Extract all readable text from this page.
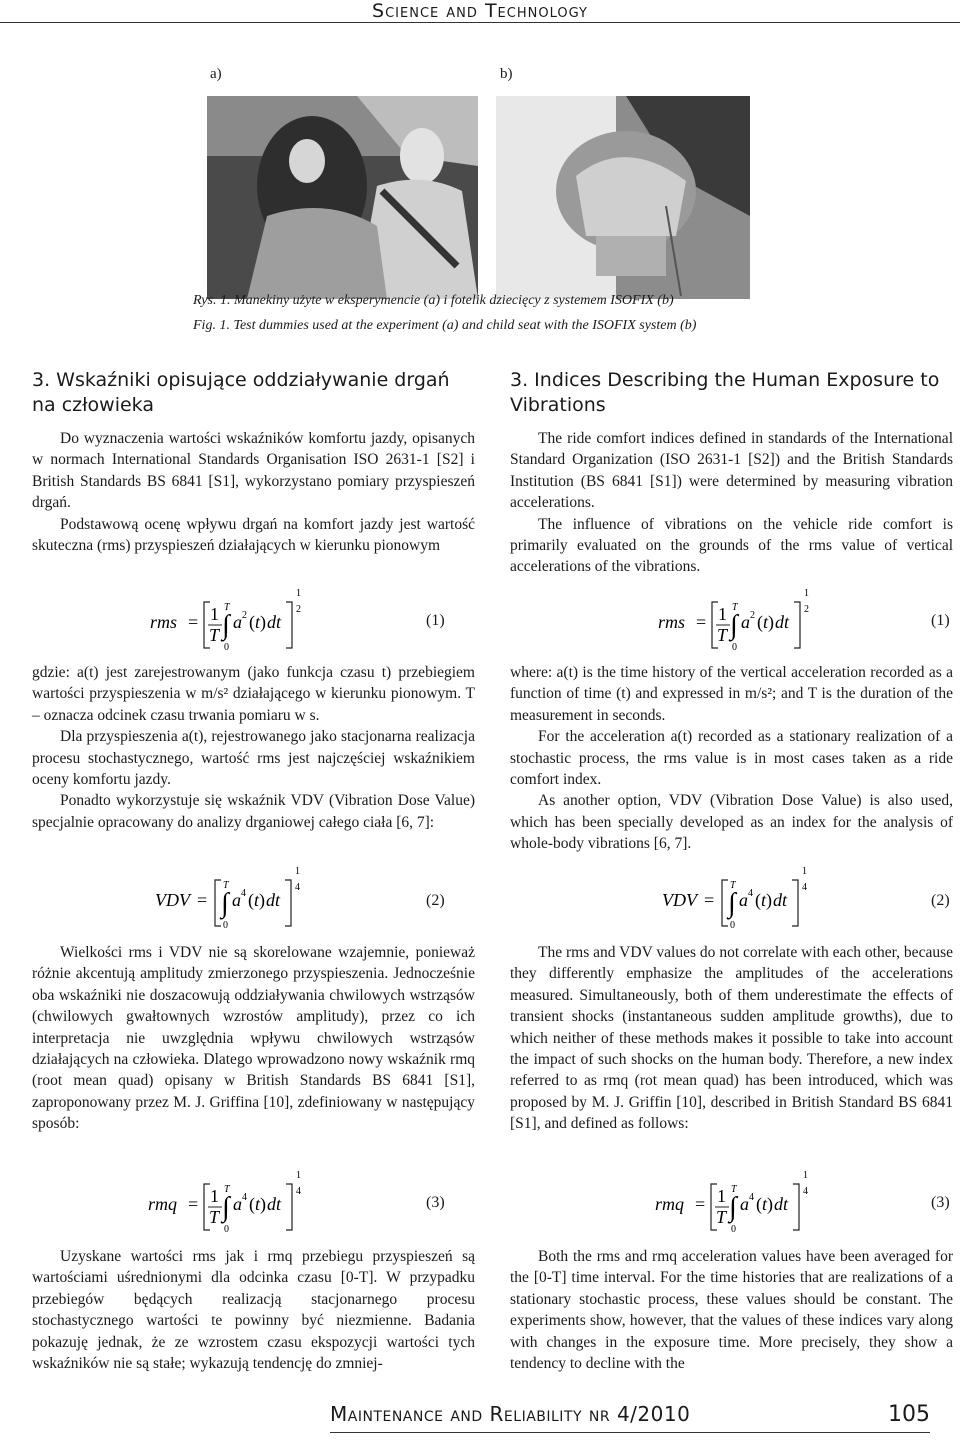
Science and Technology
a)	b)
Rys. 1. Manekiny użyte w eksperymencie (a) i fotelik dziecięcy z systemem ISOFIX (b)
Fig. 1. Test dummies used at the experiment (a) and child seat with the ISOFIX system (b)
3. Wskaźniki opisujące oddziaływanie drgań na człowieka
3. Indices Describing the Human Exposure to Vibrations

Do wyznaczenia wartości wskaźników komfortu jazdy, opisanych w normach International Standards Organisation ISO 2631-1 [S2] i British Standards BS 6841 [S1], wykorzystano pomiary przyspieszeń drgań.

Podstawową ocenę wpływu drgań na komfort jazdy jest wartość skuteczna (rms) przyspieszeń działających w kierunku pionowym

The ride comfort indices defined in standards of the International Standard Organization (ISO 2631-1 [S2]) and the British Standards Institution (BS 6841 [S1]) were determined by measuring vibration accelerations.

The influence of vibrations on the vehicle ride comfort is primarily evaluated on the grounds of the rms value of vertical accelerations of the vibrations.

rms = 1
T
T
∫
0
a 2 ( t ) dt
1
2
(1)	rms = 1
T
T
∫
0
a 2 ( t ) dt
1
2
(1)

gdzie: a(t) jest zarejestrowanym (jako funkcja czasu t) przebiegiem wartości przyspieszenia w m/s² działającego w kierunku pionowym. T – oznacza odcinek czasu trwania pomiaru w s.

Dla przyspieszenia a(t), rejestrowanego jako stacjonarna realizacja procesu stochastycznego, wartość rms jest najczęściej wskaźnikiem oceny komfortu jazdy.

Ponadto wykorzystuje się wskaźnik VDV (Vibration Dose Value) specjalnie opracowany do analizy drganiowej całego ciała [6, 7]:

where: a(t) is the time history of the vertical acceleration recorded as a function of time (t) and expressed in m/s²; and T is the duration of the measurement in seconds.

For the acceleration a(t) recorded as a stationary realization of a stochastic process, the rms value is in most cases taken as a ride comfort index.

As another option, VDV (Vibration Dose Value) is also used, which has been specially developed as an index for the analysis of whole-body vibrations [6, 7].

VDV =
T
∫
0
a 4 ( t ) dt
1
4
(2)	VDV =
T
∫
0
a 4 ( t ) dt
1
4
(2)

Wielkości rms i VDV nie są skorelowane wzajemnie, ponieważ różnie akcentują amplitudy zmierzonego przyspieszenia. Jednocześnie oba wskaźniki nie doszacowują oddziaływania chwilowych wstrząsów (chwilowych gwałtownych wzrostów amplitudy), przez co ich interpretacja nie uwzględnia wpływu chwilowych wstrząsów działających na człowieka. Dlatego wprowadzono nowy wskaźnik rmq (root mean quad) opisany w British Standards BS 6841 [S1], zaproponowany przez M. J. Griffina [10], zdefiniowany w następujący sposób:

The rms and VDV values do not correlate with each other, because they differently emphasize the amplitudes of the accelerations measured. Simultaneously, both of them underestimate the effects of transient shocks (instantaneous sudden amplitude growths), due to which neither of these methods makes it possible to take into account the impact of such shocks on the human body. Therefore, a new index referred to as rmq (rot mean quad) has been introduced, which was proposed by M. J. Griffin [10], described in British Standard BS 6841 [S1], and defined as follows:

rmq = 1
T
T
∫
0
a 4 ( t ) dt
1
4
(3)	rmq = 1
T
T
∫
0
a 4 ( t ) dt
1
4
(3)

Uzyskane wartości rms jak i rmq przebiegu przyspieszeń są wartościami uśrednionymi dla odcinka czasu [0-T]. W przypadku przebiegów będących realizacją stacjonarnego procesu stochastycznego wartości te powinny być niezmienne. Badania pokazuję jednak, że ze wzrostem czasu ekspozycji wartości tych wskaźników nie są stałe; wykazują tendencję do zmniej-

Both the rms and rmq acceleration values have been averaged for the [0-T] time interval. For the time histories that are realizations of a stationary stochastic process, these values should be constant. The experiments show, however, that the values of these indices vary along with changes in the exposure time. More precisely, they show a tendency to decline with the

Maintenance and Reliability nr 4/2010	105
